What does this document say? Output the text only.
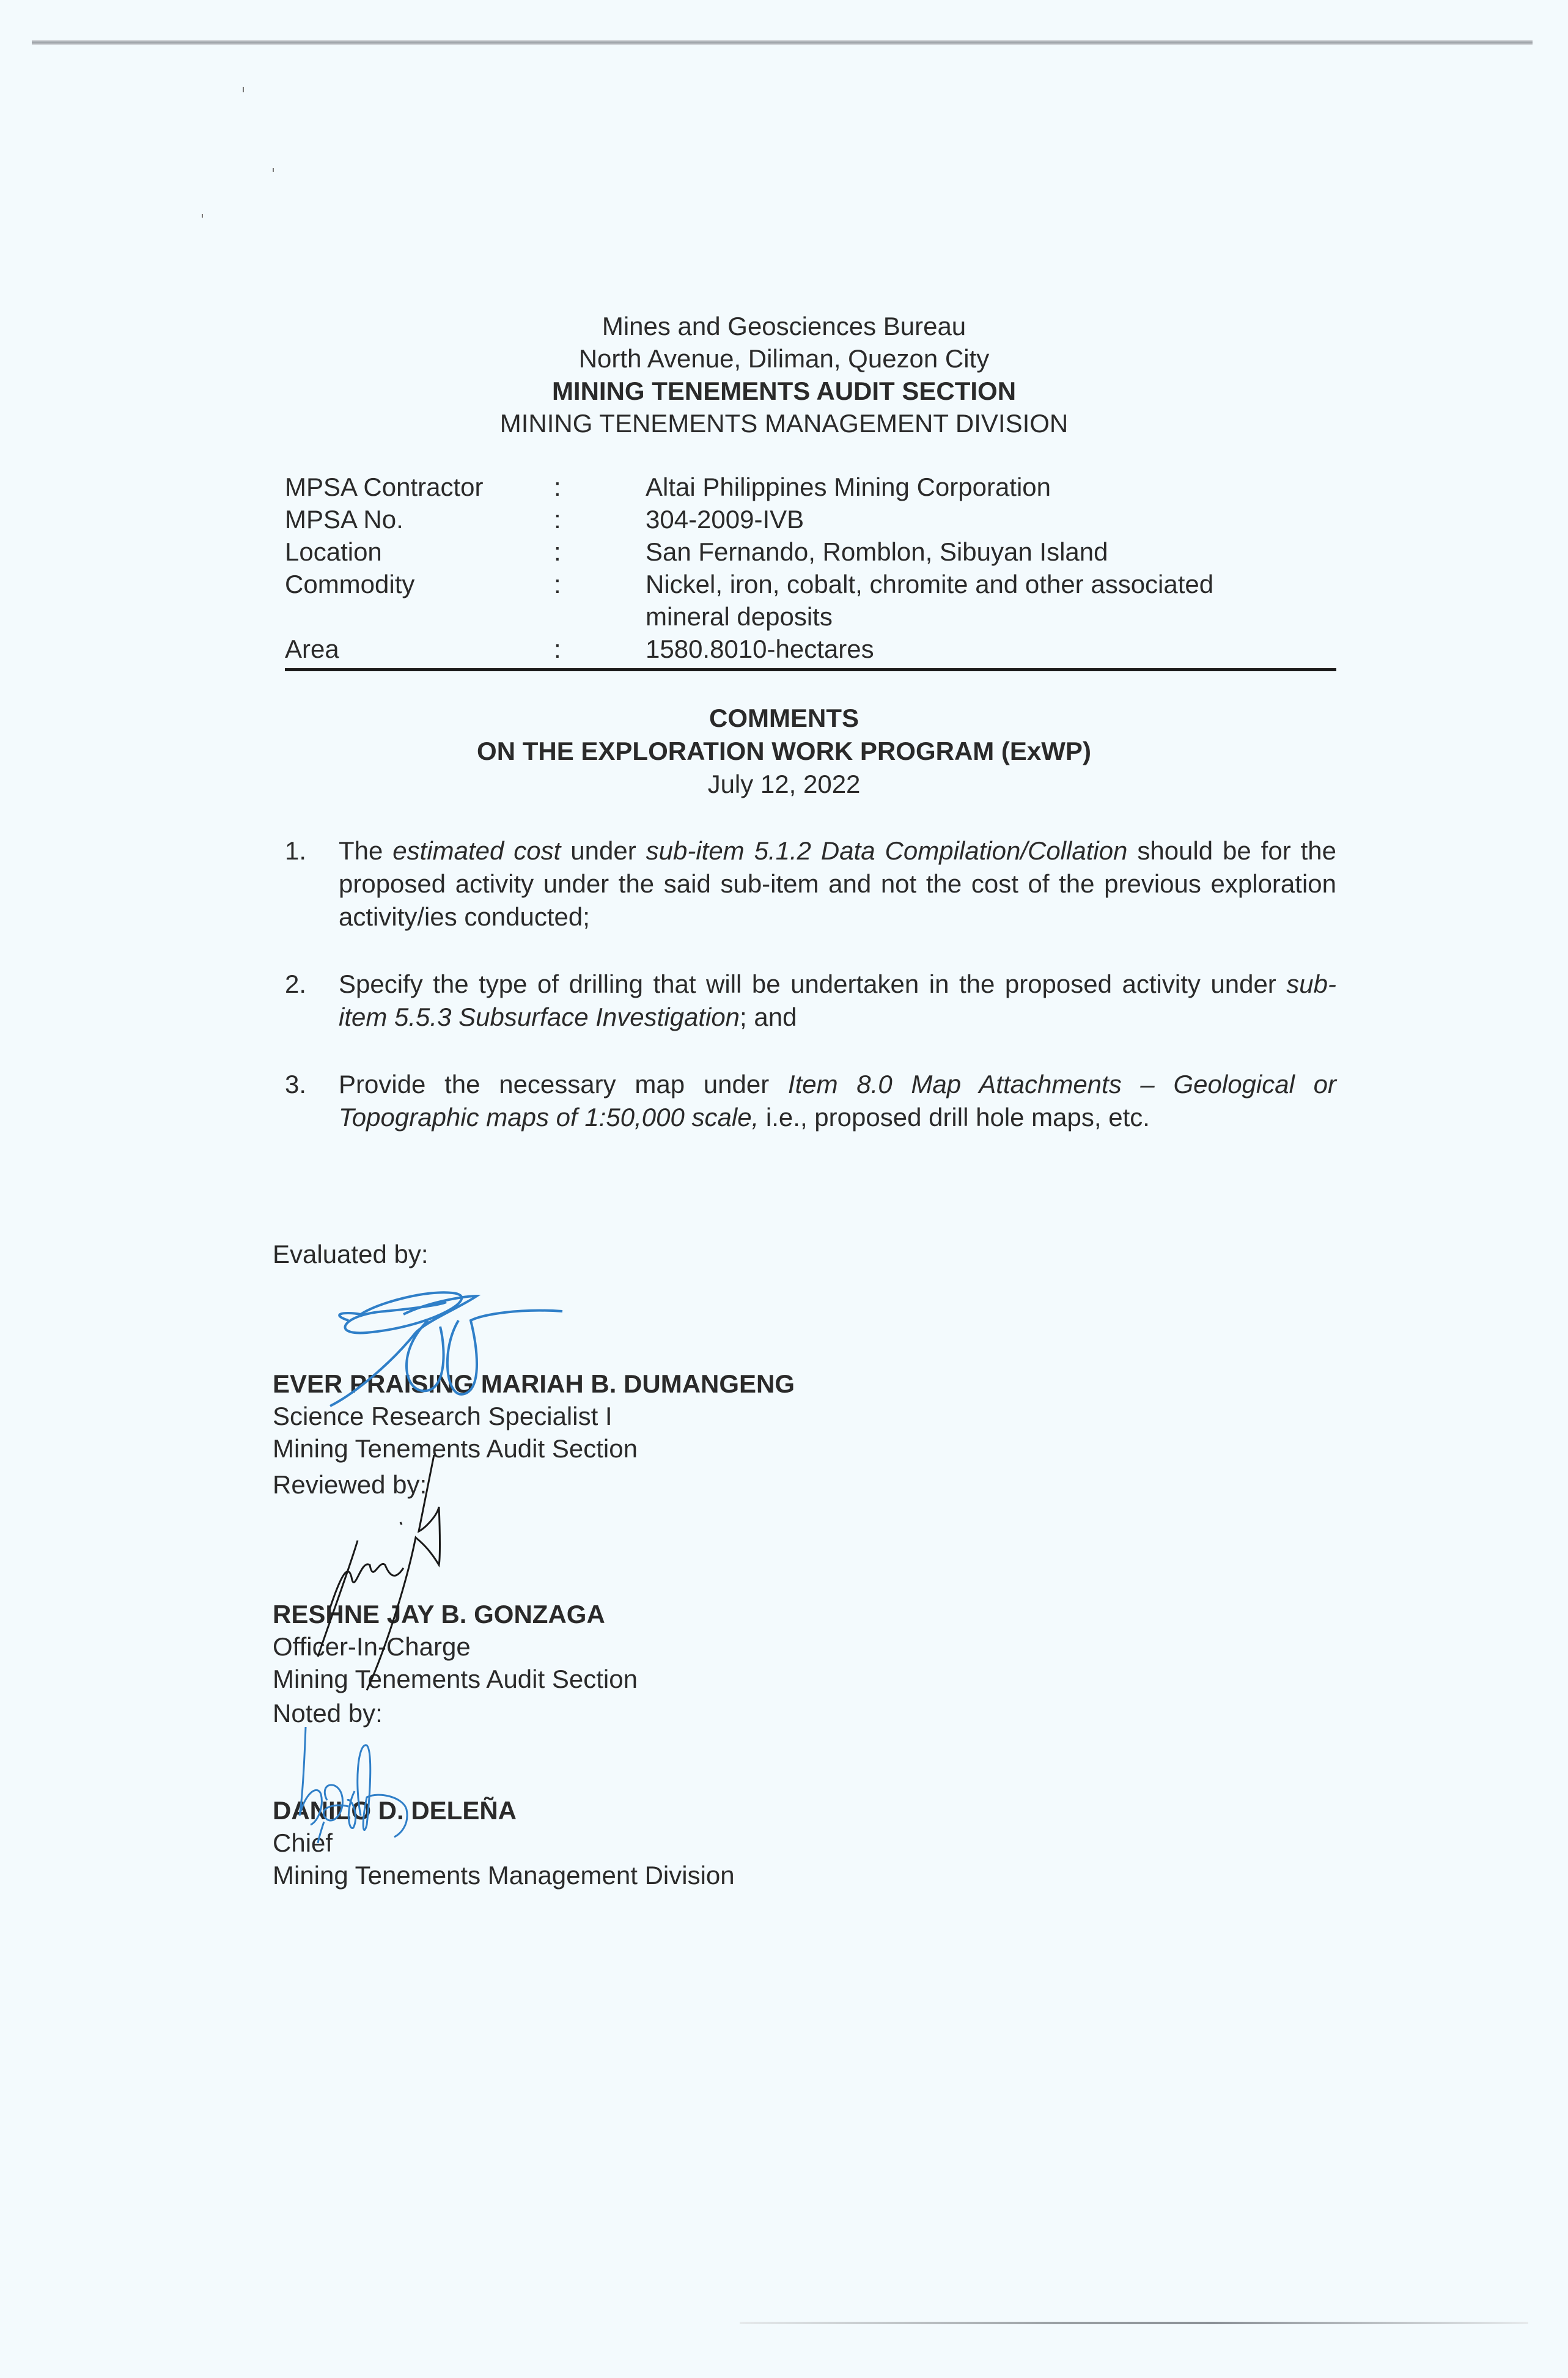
Mines and Geosciences Bureau
North Avenue, Diliman, Quezon City
MINING TENEMENTS AUDIT SECTION
MINING TENEMENTS MANAGEMENT DIVISION
MPSA Contractor	:	Altai Philippines Mining Corporation
MPSA No.	:	304-2009-IVB
Location	:	San Fernando, Romblon, Sibuyan Island
Commodity	:	Nickel, iron, cobalt, chromite and other associated mineral deposits
Area	:	1580.8010-hectares
COMMENTS
ON THE EXPLORATION WORK PROGRAM (ExWP)
July 12, 2022
1.	The estimated cost under sub-item 5.1.2 Data Compilation/Collation should be for the proposed activity under the said sub-item and not the cost of the previous exploration activity/ies conducted;
2.	Specify the type of drilling that will be undertaken in the proposed activity under sub-item 5.5.3 Subsurface Investigation; and
3.	Provide the necessary map under Item 8.0 Map Attachments – Geological or Topographic maps of 1:50,000 scale, i.e., proposed drill hole maps, etc.
Evaluated by:
EVER PRAISING MARIAH B. DUMANGENG
Science Research Specialist I
Mining Tenements Audit Section
Reviewed by:
RESHNE JAY B. GONZAGA
Officer-In-Charge
Mining Tenements Audit Section
Noted by:
DANILO D. DELEÑA
Chief
Mining Tenements Management Division
